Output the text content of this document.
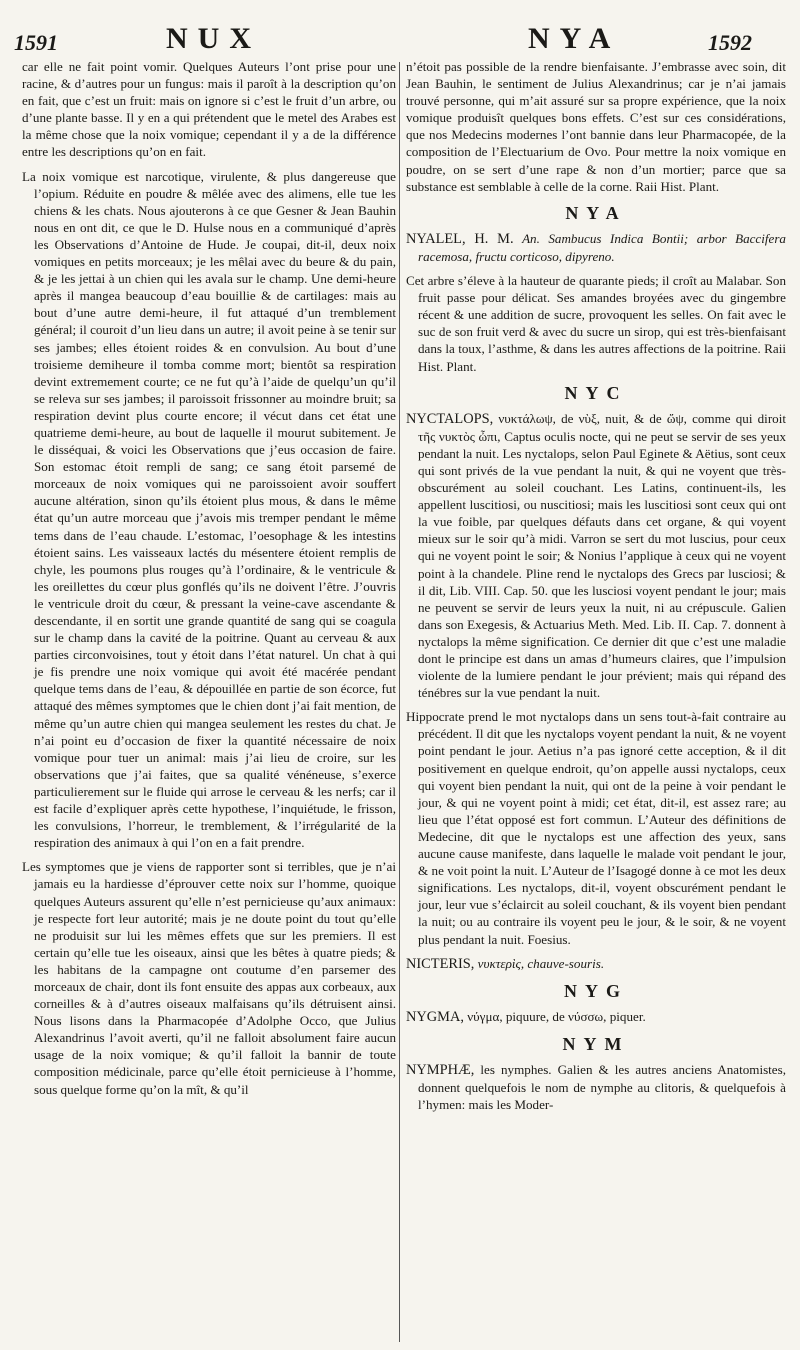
1591	NUX	NYA	1592

car elle ne fait point vomir. Quelques Auteurs l’ont prise pour une racine, & d’autres pour un fungus: mais il paroît à la description qu’on en fait, que c’est un fruit: mais on ignore si c’est le fruit d’un arbre, ou d’une plante basse. Il y en a qui prétendent que le metel des Arabes est la même chose que la noix vomique; cependant il y a de la différence entre les descriptions qu’on en fait.

La noix vomique est narcotique, virulente, & plus dangereuse que l’opium. Réduite en poudre & mêlée avec des alimens, elle tue les chiens & les chats. Nous ajouterons à ce que Gesner & Jean Bauhin nous en ont dit, ce que le D. Hulse nous en a communiqué d’après les Observations d’Antoine de Hude. Je coupai, dit-il, deux noix vomiques en petits morceaux; je les mêlai avec du beure & du pain, & je les jettai à un chien qui les avala sur le champ. Une demi-heure après il mangea beaucoup d’eau bouillie & de cartilages: mais au bout d’une autre demi-heure, il fut attaqué d’un tremblement général; il couroit d’un lieu dans un autre; il avoit peine à se tenir sur ses jambes; elles étoient roides & en convulsion. Au bout d’une troisieme demiheure il tomba comme mort; bientôt sa respiration devint extremement courte; ce ne fut qu’à l’aide de quelqu’un qu’il se releva sur ses jambes; il paroissoit frissonner au moindre bruit; sa respiration devint plus courte encore; il vécut dans cet état une quatrieme demi-heure, au bout de laquelle il mourut subitement. Je le disséquai, & voici les Observations que j’eus occasion de faire. Son estomac étoit rempli de sang; ce sang étoit parsemé de morceaux de noix vomiques qui ne paroissoient avoir souffert aucune altération, sinon qu’ils étoient plus mous, & dans le même état qu’un autre morceau que j’avois mis tremper pendant le même tems dans de l’eau chaude. L’estomac, l’oesophage & les intestins étoient sains. Les vaisseaux lactés du mésentere étoient remplis de chyle, les poumons plus rouges qu’à l’ordinaire, & le ventricule & les oreillettes du cœur plus gonflés qu’ils ne doivent l’être. J’ouvris le ventricule droit du cœur, & pressant la veine-cave ascendante & descendante, il en sortit une grande quantité de sang qui se coagula sur le champ dans la cavité de la poitrine. Quant au cerveau & aux parties circonvoisines, tout y étoit dans l’état naturel. Un chat à qui je fis prendre une noix vomique qui avoit été macérée pendant quelque tems dans de l’eau, & dépouillée en partie de son écorce, fut attaqué des mêmes symptomes que le chien dont j’ai fait mention, de même qu’un autre chien qui mangea seulement les restes du chat. Je n’ai point eu d’occasion de fixer la quantité nécessaire de noix vomique pour tuer un animal: mais j’ai lieu de croire, sur les observations que j’ai faites, que sa qualité vénéneuse, s’exerce particulierement sur le fluide qui arrose le cerveau & les nerfs; car il est facile d’expliquer après cette hypothese, l’inquiétude, le frisson, les convulsions, l’horreur, le tremblement, & l’irrégularité de la respiration des animaux à qui l’on en a fait prendre.

Les symptomes que je viens de rapporter sont si terribles, que je n’ai jamais eu la hardiesse d’éprouver cette noix sur l’homme, quoique quelques Auteurs assurent qu’elle n’est pernicieuse qu’aux animaux: je respecte fort leur autorité; mais je ne doute point du tout qu’elle ne produisit sur lui les mêmes effets que sur les premiers. Il est certain qu’elle tue les oiseaux, ainsi que les bêtes à quatre pieds; & les habitans de la campagne ont coutume d’en parsemer des morceaux de chair, dont ils font ensuite des appas aux corbeaux, aux corneilles & à d’autres oiseaux malfaisans qu’ils détruisent ainsi. Nous lisons dans la Pharmacopée d’Adolphe Occo, que Julius Alexandrinus l’avoit averti, qu’il ne falloit absolument faire aucun usage de la noix vomique; & qu’il falloit la bannir de toute composition médicinale, parce qu’elle étoit pernicieuse à l’homme, sous quelque forme qu’on la mît, & qu’il

n’étoit pas possible de la rendre bienfaisante. J’embrasse avec soin, dit Jean Bauhin, le sentiment de Julius Alexandrinus; car je n’ai jamais trouvé personne, qui m’ait assuré sur sa propre expérience, que la noix vomique produisît quelques bons effets. C’est sur ces considérations, que nos Medecins modernes l’ont bannie dans leur Pharmacopée, de la composition de l’Electuarium de Ovo. Pour mettre la noix vomique en poudre, on se sert d’une rape & non d’un mortier; parce que sa substance est semblable à celle de la corne. Raii Hist. Plant.

NYA

NYALEL, H. M. An. Sambucus Indica Bontii; arbor Baccifera racemosa, fructu corticoso, dipyreno.

Cet arbre s’éleve à la hauteur de quarante pieds; il croît au Malabar. Son fruit passe pour délicat. Ses amandes broyées avec du gingembre récent & une addition de sucre, provoquent les selles. On fait avec le suc de son fruit verd & avec du sucre un sirop, qui est très-bienfaisant dans la toux, l’asthme, & dans les autres affections de la poitrine. Raii Hist. Plant.

NYC

NYCTALOPS, νυκτάλωψ, de νὺξ, nuit, & de ὤψ, comme qui diroit τῆς νυκτὸς ὦπι, Captus oculis nocte, qui ne peut se servir de ses yeux pendant la nuit. Les nyctalops, selon Paul Eginete & Aëtius, sont ceux qui sont privés de la vue pendant la nuit, & qui ne voyent que très-obscurément au soleil couchant. Les Latins, continuent-ils, les appellent luscitiosi, ou nuscitiosi; mais les luscitiosi sont ceux qui ont la vue foible, par quelques défauts dans cet organe, & qui voyent mieux sur le soir qu’à midi. Varron se sert du mot luscius, pour ceux qui ne voyent point le soir; & Nonius l’applique à ceux qui ne voyent point à la chandele. Pline rend le nyctalops des Grecs par lusciosi; & il dit, Lib. VIII. Cap. 50. que les lusciosi voyent pendant le jour; mais ne peuvent se servir de leurs yeux la nuit, ni au crépuscule. Galien dans son Exegesis, & Actuarius Meth. Med. Lib. II. Cap. 7. donnent à nyctalops la même signification. Ce dernier dit que c’est une maladie dont le principe est dans un amas d’humeurs claires, que l’impulsion violente de la lumiere pendant le jour prévient; mais qui répand des ténébres sur la vue pendant la nuit.

Hippocrate prend le mot nyctalops dans un sens tout-à-fait contraire au précédent. Il dit que les nyctalops voyent pendant la nuit, & ne voyent point pendant le jour. Aetius n’a pas ignoré cette acception, & il dit positivement en quelque endroit, qu’on appelle aussi nyctalops, ceux qui voyent bien pendant la nuit, qui ont de la peine à voir pendant le jour, & qui ne voyent point à midi; cet état, dit-il, est assez rare; au lieu que l’état opposé est fort commun. L’Auteur des définitions de Medecine, dit que le nyctalops est une affection des yeux, sans aucune cause manifeste, dans laquelle le malade voit pendant le jour, & ne voit point la nuit. L’Auteur de l’Isagogé donne à ce mot les deux significations. Les nyctalops, dit-il, voyent obscurément pendant le jour, leur vue s’éclaircit au soleil couchant, & ils voyent bien pendant la nuit; ou au contraire ils voyent peu le jour, & le soir, & ne voyent plus pendant la nuit. Foesius.

NICTERIS, νυκτερὶς, chauve-souris.

NYG

NYGMA, νύγμα, piquure, de νύσσω, piquer.

NYM

NYMPHÆ, les nymphes. Galien & les autres anciens Anatomistes, donnent quelquefois le nom de nymphe au clitoris, & quelquefois à l’hymen: mais les Moder-
